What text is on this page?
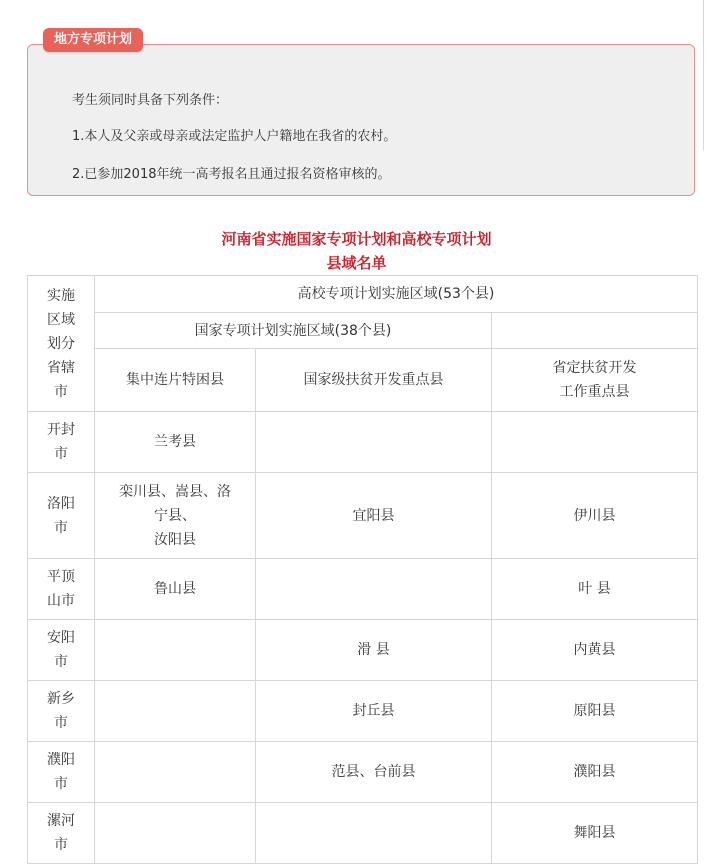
地方专项计划
考生须同时具备下列条件：
1.本人及父亲或母亲或法定监护人户籍地在我省的农村。
2.已参加2018年统一高考报名且通过报名资格审核的。
河南省实施国家专项计划和高校专项计划
县域名单
实施
区域
划分
省辖
市	高校专项计划实施区域(53个县)		
	国家专项计划实施区域(38个县)		
	集中连片特困县	国家级扶贫开发重点县	省定扶贫开发
工作重点县
开封
市	兰考县		
洛阳
市	栾川县、嵩县、洛
宁县、
汝阳县	宜阳县	伊川县
平顶
山市	鲁山县		叶 县
安阳
市		滑 县	内黄县
新乡
市		封丘县	原阳县
濮阳
市		范县、台前县	濮阳县
漯河
市			舞阳县
